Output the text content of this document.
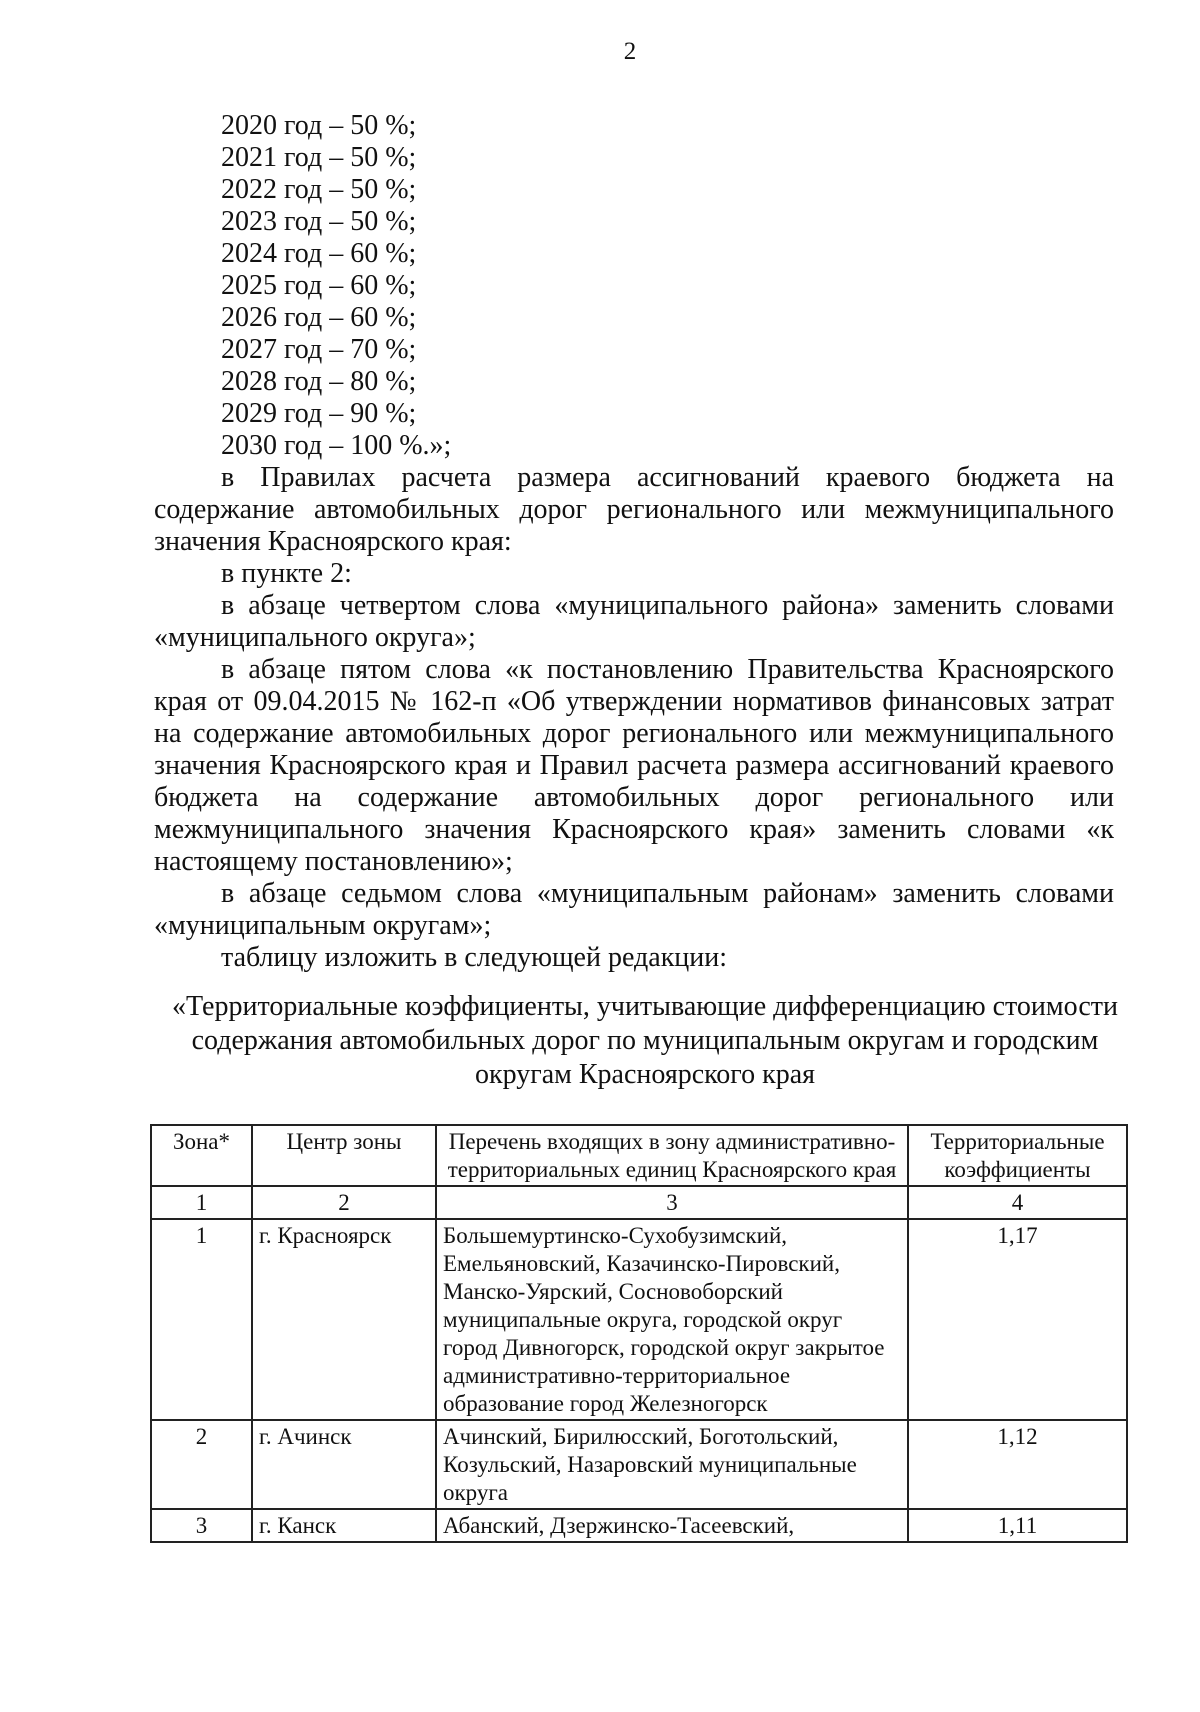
2
2020 год – 50 %;
2021 год – 50 %;
2022 год – 50 %;
2023 год – 50 %;
2024 год – 60 %;
2025 год – 60 %;
2026 год – 60 %;
2027 год – 70 %;
2028 год – 80 %;
2029 год – 90 %;
2030 год – 100 %.»;

в Правилах расчета размера ассигнований краевого бюджета на содержание автомобильных дорог регионального или межмуниципального значения Красноярского края:

в пункте 2:

в абзаце четвертом слова «муниципального района» заменить словами «муниципального округа»;

в абзаце пятом слова «к постановлению Правительства Красноярского края от 09.04.2015 № 162-п «Об утверждении нормативов финансовых затрат на содержание автомобильных дорог регионального или межмуниципального значения Красноярского края и Правил расчета размера ассигнований краевого бюджета на содержание автомобильных дорог регионального или межмуниципального значения Красноярского края» заменить словами «к настоящему постановлению»;

в абзаце седьмом слова «муниципальным районам» заменить словами «муниципальным округам»;

таблицу изложить в следующей редакции:

«Территориальные коэффициенты, учитывающие дифференциацию стоимости содержания автомобильных дорог по муниципальным округам и городским округам Красноярского края
Зона*	Центр зоны	Перечень входящих в зону административно-территориальных единиц Красноярского края	Территориальные коэффициенты
1	2	3	4
1	г. Красноярск	Большемуртинско-Сухобузимский, Емельяновский, Казачинско-Пировский, Манско-Уярский, Сосновоборский муниципальные округа, городской округ город Дивногорск, городской округ закрытое административно-территориальное образование город Железногорск	1,17
2	г. Ачинск	Ачинский, Бирилюсский, Боготольский, Козульский, Назаровский муниципальные округа	1,12
3	г. Канск	Абанский, Дзержинско-Тасеевский,	1,11
